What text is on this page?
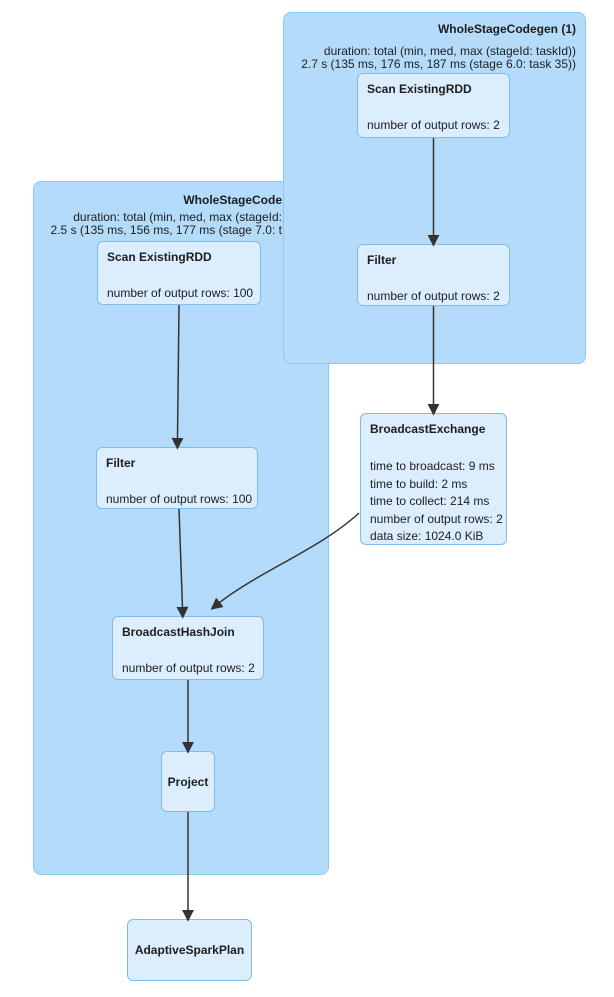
WholeStageCode
duration: total (min, med, max (stageId:
2.5 s (135 ms, 156 ms, 177 ms (stage 7.0: t
WholeStageCodegen (1)
duration: total (min, med, max (stageId: taskId))
2.7 s (135 ms, 176 ms, 187 ms (stage 6.0: task 35))
Scan ExistingRDD
number of output rows: 2
Filter
number of output rows: 2
BroadcastExchange
time to broadcast: 9 ms
time to build: 2 ms
time to collect: 214 ms
number of output rows: 2
data size: 1024.0 KiB
Scan ExistingRDD
number of output rows: 100
Filter
number of output rows: 100
BroadcastHashJoin
number of output rows: 2
Project
AdaptiveSparkPlan
